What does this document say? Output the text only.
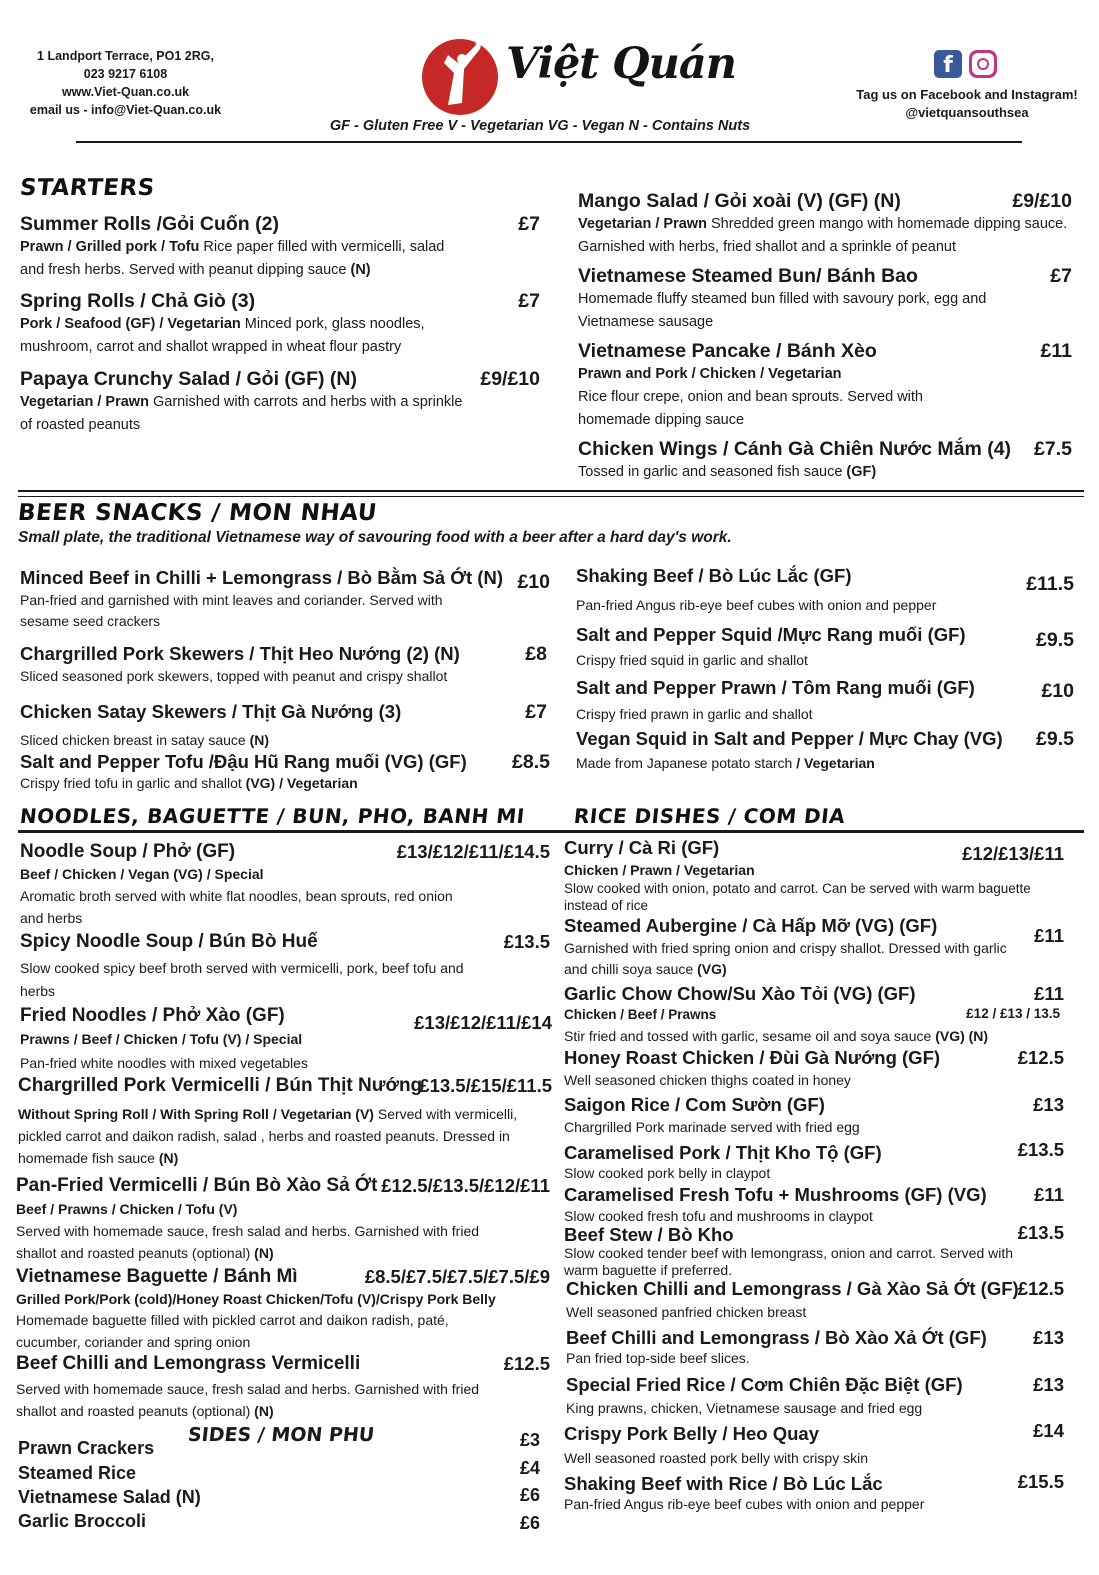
1 Landport Terrace, PO1 2RG,
023 9217 6108
www.Viet-Quan.co.uk
email us - info@Viet-Quan.co.uk
Việt Quán
GF - Gluten Free V - Vegetarian VG - Vegan N - Contains Nuts
f
Tag us on Facebook and Instagram!
@vietquansouthsea
STARTERS
Summer Rolls /Gỏi Cuốn (2)	£7
Prawn / Grilled pork / Tofu Rice paper filled with vermicelli, salad and fresh herbs. Served with peanut dipping sauce (N)
Spring Rolls / Chả Giò (3)	£7
Pork / Seafood (GF) / Vegetarian Minced pork, glass noodles, mushroom, carrot and shallot wrapped in wheat flour pastry
Papaya Crunchy Salad / Gỏi (GF) (N)	£9/£10
Vegetarian / Prawn Garnished with carrots and herbs with a sprinkle of roasted peanuts
Mango Salad / Gỏi xoài (V) (GF) (N)	£9/£10
Vegetarian / Prawn Shredded green mango with homemade dipping sauce. Garnished with herbs, fried shallot and a sprinkle of peanut
Vietnamese Steamed Bun/ Bánh Bao	£7
Homemade fluffy steamed bun filled with savoury pork, egg and Vietnamese sausage
Vietnamese Pancake / Bánh Xèo	£11
Prawn and Pork / Chicken / Vegetarian
Rice flour crepe, onion and bean sprouts. Served with homemade dipping sauce
Chicken Wings / Cánh Gà Chiên Nước Mắm (4)	£7.5
Tossed in garlic and seasoned fish sauce (GF)
BEER SNACKS / MON NHAU
Small plate, the traditional Vietnamese way of savouring food with a beer after a hard day's work.
Minced Beef in Chilli + Lemongrass / Bò Bằm Sả Ớt (N) £10
Pan-fried and garnished with mint leaves and coriander. Served with sesame seed crackers
Chargrilled Pork Skewers / Thịt Heo Nướng (2) (N)	£8
Sliced seasoned pork skewers, topped with peanut and crispy shallot
Chicken Satay Skewers / Thịt Gà Nướng (3)	£7
Sliced chicken breast in satay sauce (N)
Salt and Pepper Tofu /Đậu Hũ Rang muối (VG) (GF)	£8.5
Crispy fried tofu in garlic and shallot (VG) / Vegetarian
Shaking Beef / Bò Lúc Lắc (GF)	£11.5
Pan-fried Angus rib-eye beef cubes with onion and pepper
Salt and Pepper Squid /Mực Rang muối (GF)	£9.5
Crispy fried squid in garlic and shallot
Salt and Pepper Prawn / Tôm Rang muối (GF)	£10
Crispy fried prawn in garlic and shallot
Vegan Squid in Salt and Pepper / Mực Chay (VG)	£9.5
Made from Japanese potato starch / Vegetarian
NOODLES, BAGUETTE / BUN, PHO, BANH MI RICE DISHES / COM DIA
Noodle Soup / Phở (GF)	£13/£12/£11/£14.5
Beef / Chicken / Vegan (VG) / Special
Aromatic broth served with white flat noodles, bean sprouts, red onion and herbs
Spicy Noodle Soup / Bún Bò Huế	£13.5
Slow cooked spicy beef broth served with vermicelli, pork, beef tofu and herbs
Fried Noodles / Phở Xào (GF)	£13/£12/£11/£14
Prawns / Beef / Chicken / Tofu (V) / Special
Pan-fried white noodles with mixed vegetables
Chargrilled Pork Vermicelli / Bún Thịt Nướng
£13.5/£15/£11.5
Without Spring Roll / With Spring Roll / Vegetarian (V) Served with vermicelli, pickled carrot and daikon radish, salad , herbs and roasted peanuts. Dressed in homemade fish sauce (N)
Pan-Fried Vermicelli / Bún Bò Xào Sả Ớt £12.5/£13.5/£12/£11
Beef / Prawns / Chicken / Tofu (V)
Served with homemade sauce, fresh salad and herbs. Garnished with fried shallot and roasted peanuts (optional) (N)
Vietnamese Baguette / Bánh Mì	£8.5/£7.5/£7.5/£7.5/£9
Grilled Pork/Pork (cold)/Honey Roast Chicken/Tofu (V)/Crispy Pork Belly
Homemade baguette filled with pickled carrot and daikon radish, paté, cucumber, coriander and spring onion
Beef Chilli and Lemongrass Vermicelli	£12.5
Served with homemade sauce, fresh salad and herbs. Garnished with fried shallot and roasted peanuts (optional) (N)
SIDES / MON PHU
Prawn Crackers	£3
Steamed Rice	£4
Vietnamese Salad (N)	£6
Garlic Broccoli	£6
Curry / Cà Ri (GF)	£12/£13/£11
Chicken / Prawn / Vegetarian
Slow cooked with onion, potato and carrot. Can be served with warm baguette instead of rice
Steamed Aubergine / Cà Hấp Mỡ (VG) (GF)	£11
Garnished with fried spring onion and crispy shallot. Dressed with garlic and chilli soya sauce (VG)
Garlic Chow Chow/Su Xào Tỏi (VG) (GF)	£11
Chicken / Beef / Prawns	£12 / £13 / 13.5
Stir fried and tossed with garlic, sesame oil and soya sauce (VG) (N)
Honey Roast Chicken / Đùi Gà Nướng (GF)	£12.5
Well seasoned chicken thighs coated in honey
Saigon Rice / Com Sườn (GF)	£13
Chargrilled Pork marinade served with fried egg
Caramelised Pork / Thịt Kho Tộ (GF)	£13.5
Slow cooked pork belly in claypot
Caramelised Fresh Tofu + Mushrooms (GF) (VG)	£11
Slow cooked fresh tofu and mushrooms in claypot
Beef Stew / Bò Kho	£13.5
Slow cooked tender beef with lemongrass, onion and carrot. Served with warm baguette if preferred.
Chicken Chilli and Lemongrass / Gà Xào Sả Ớt (GF) £12.5
Well seasoned panfried chicken breast
Beef Chilli and Lemongrass / Bò Xào Xả Ớt (GF)	£13
Pan fried top-side beef slices.
Special Fried Rice / Cơm Chiên Đặc Biệt (GF)	£13
King prawns, chicken, Vietnamese sausage and fried egg
Crispy Pork Belly / Heo Quay	£14
Well seasoned roasted pork belly with crispy skin
Shaking Beef with Rice / Bò Lúc Lắc	£15.5
Pan-fried Angus rib-eye beef cubes with onion and pepper
